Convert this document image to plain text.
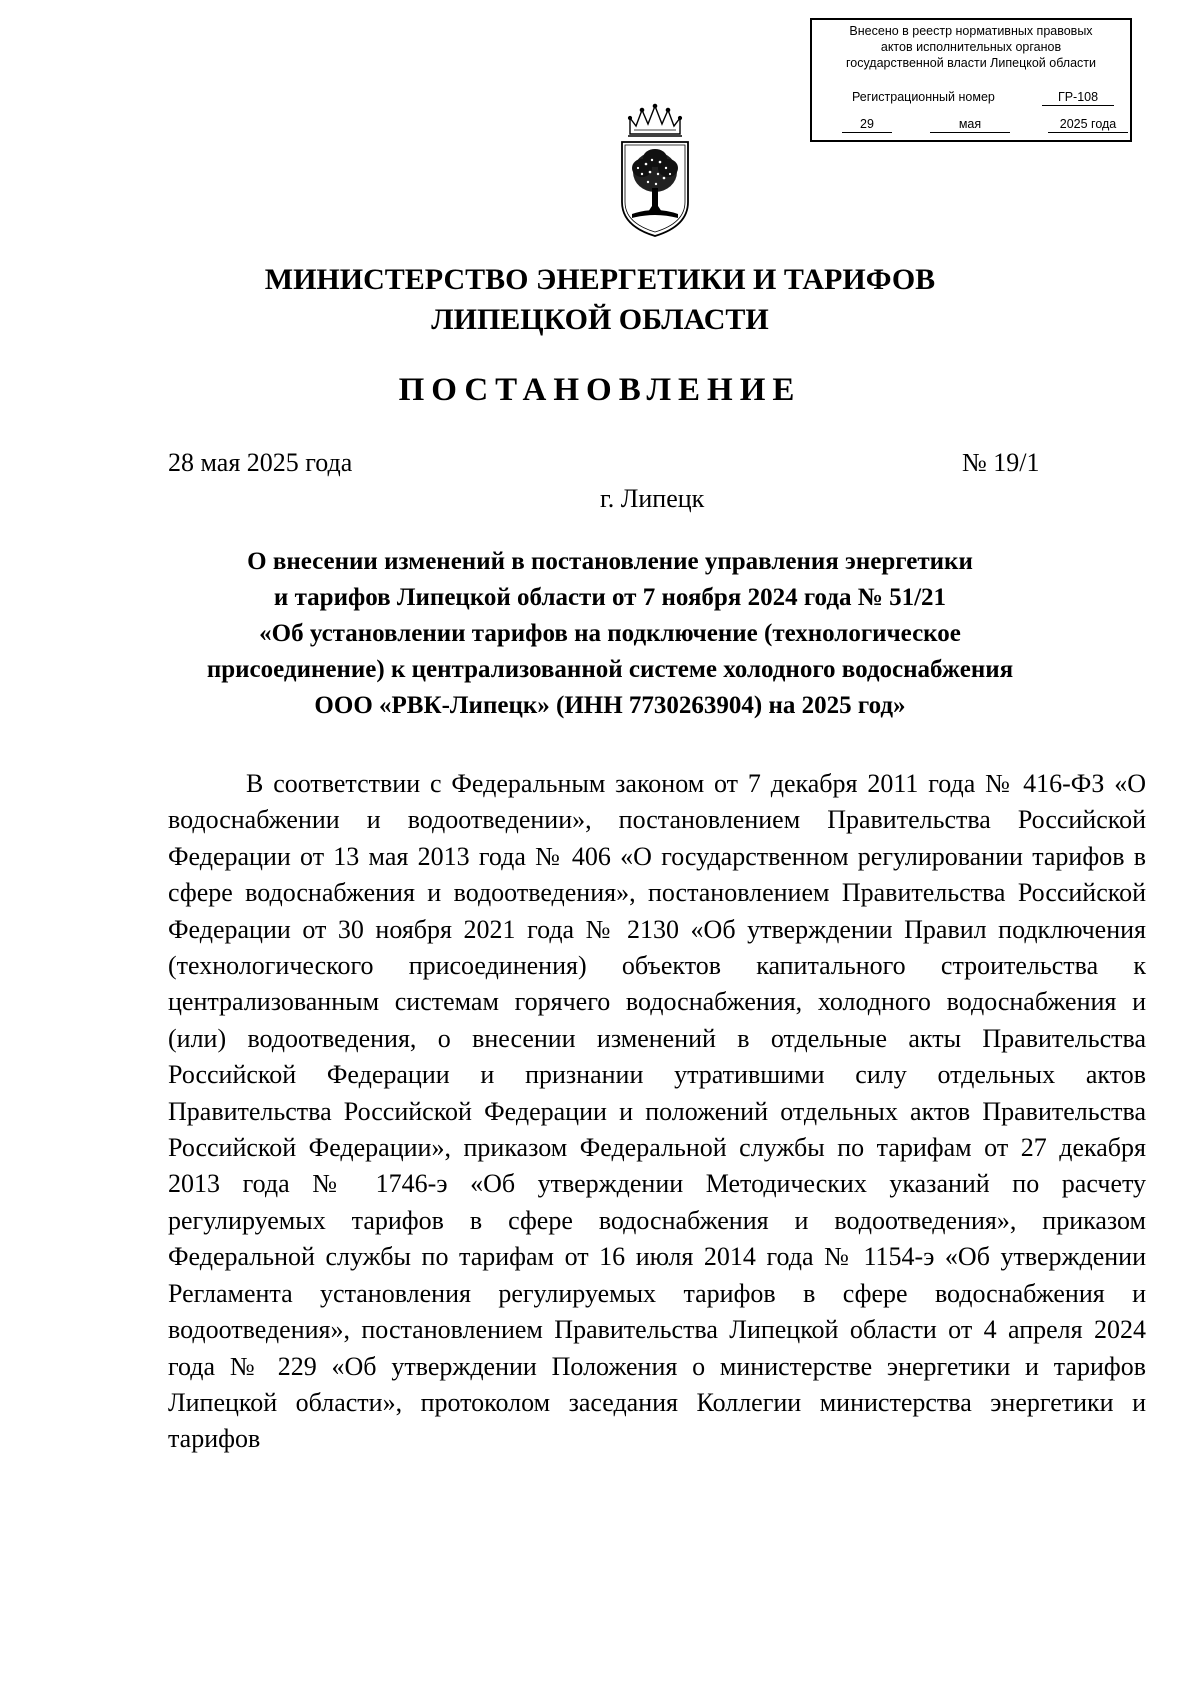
Внесено в реестр нормативных правовых
актов исполнительных органов
государственной власти Липецкой области
Регистрационный номер	ГР-108
29	мая	2025 года
МИНИСТЕРСТВО ЭНЕРГЕТИКИ И ТАРИФОВ
ЛИПЕЦКОЙ ОБЛАСТИ
ПОСТАНОВЛЕНИЕ
28 мая 2025 года	№ 19/1
г. Липецк
О внесении изменений в постановление управления энергетики
и тарифов Липецкой области от 7 ноября 2024 года № 51/21
«Об установлении тарифов на подключение (технологическое
присоединение) к централизованной системе холодного водоснабжения
ООО «РВК-Липецк» (ИНН 7730263904) на 2025 год»

В соответствии с Федеральным законом от 7 декабря 2011 года № 416-ФЗ «О водоснабжении и водоотведении», постановлением Правительства Российской Федерации от 13 мая 2013 года № 406 «О государственном регулировании тарифов в сфере водоснабжения и водоотведения», постановлением Правительства Российской Федерации от 30 ноября 2021 года № 2130 «Об утверждении Правил подключения (технологического присоединения) объектов капитального строительства к централизованным системам горячего водоснабжения, холодного водоснабжения и (или) водоотведения, о внесении изменений в отдельные акты Правительства Российской Федерации и признании утратившими силу отдельных актов Правительства Российской Федерации и положений отдельных актов Правительства Российской Федерации», приказом Федеральной службы по тарифам от 27 декабря 2013 года № 1746-э «Об утверждении Методических указаний по расчету регулируемых тарифов в сфере водоснабжения и водоотведения», приказом Федеральной службы по тарифам от 16 июля 2014 года № 1154-э «Об утверждении Регламента установления регулируемых тарифов в сфере водоснабжения и водоотведения», постановлением Правительства Липецкой области от 4 апреля 2024 года № 229 «Об утверждении Положения о министерстве энергетики и тарифов Липецкой области», протоколом заседания Коллегии министерства энергетики и тарифов
